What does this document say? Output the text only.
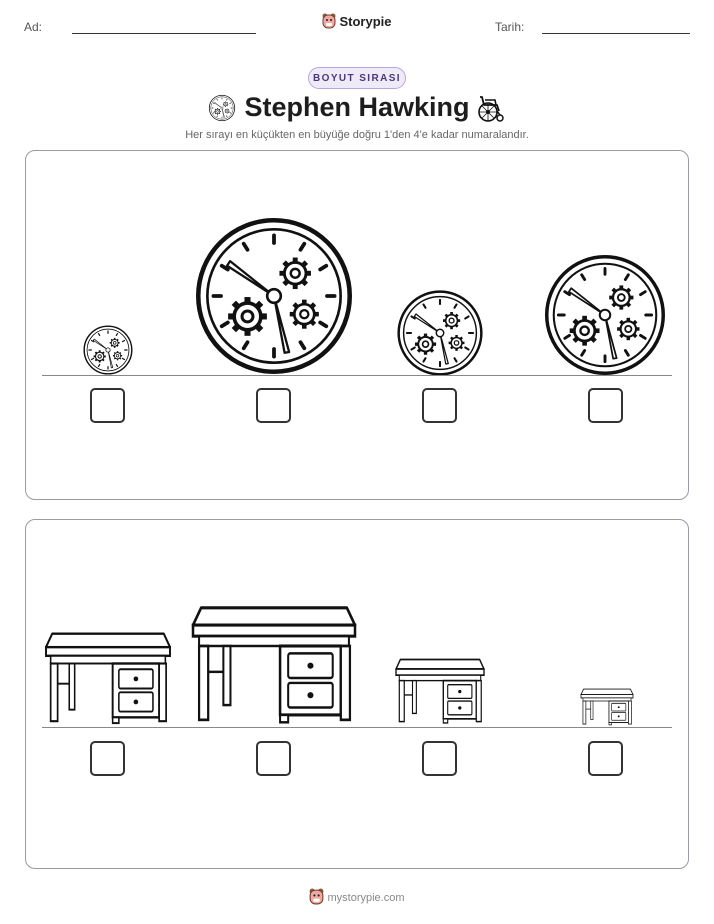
Ad:	Tarih:
Storypie
BOYUT SIRASI
Stephen Hawking
Her sırayı en küçükten en büyüğe doğru 1'den 4'e kadar numaralandır.
mystorypie.com
